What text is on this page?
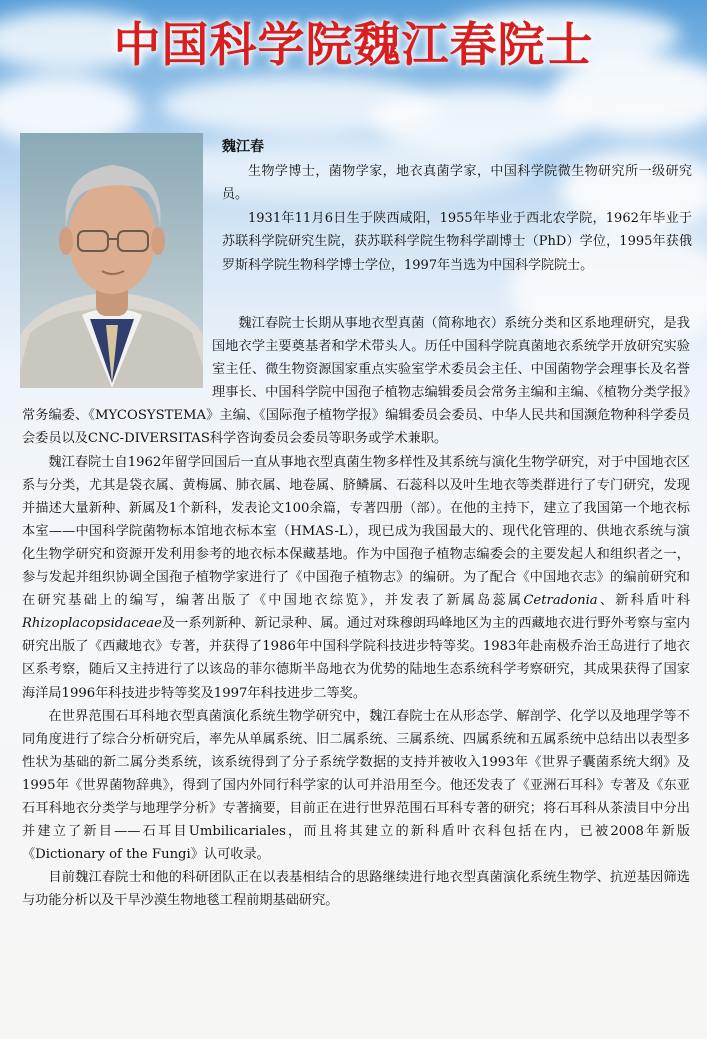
中国科学院魏江春院士
魏江春

生物学博士，菌物学家，地衣真菌学家，中国科学院微生物研究所一级研究员。

1931年11月6日生于陕西咸阳，1955年毕业于西北农学院，1962年毕业于苏联科学院研究生院，获苏联科学院生物科学副博士（PhD）学位，1995年获俄罗斯科学院生物科学博士学位，1997年当选为中国科学院院士。

魏江春院士长期从事地衣型真菌（简称地衣）系统分类和区系地理研究，是我国地衣学主要奠基者和学术带头人。历任中国科学院真菌地衣系统学开放研究实验室主任、微生物资源国家重点实验室学术委员会主任、中国菌物学会理事长及名誉理事长、中国科学院中国孢子植物志编辑委员会常务主编和主编、《植物分类学报》常务编委、《MYCOSYSTEMA》主编、《国际孢子植物学报》编辑委员会委员、中华人民共和国濒危物种科学委员会委员以及CNC-DIVERSITAS科学咨询委员会委员等职务或学术兼职。

魏江春院士自1962年留学回国后一直从事地衣型真菌生物多样性及其系统与演化生物学研究，对于中国地衣区系与分类，尤其是袋衣属、黄梅属、肺衣属、地卷属、脐鳞属、石蕊科以及叶生地衣等类群进行了专门研究，发现并描述大量新种、新属及1个新科，发表论文100余篇，专著四册（部）。在他的主持下，建立了我国第一个地衣标本室——中国科学院菌物标本馆地衣标本室（HMAS-L），现已成为我国最大的、现代化管理的、供地衣系统与演化生物学研究和资源开发利用参考的地衣标本保藏基地。作为中国孢子植物志编委会的主要发起人和组织者之一，参与发起并组织协调全国孢子植物学家进行了《中国孢子植物志》的编研。为了配合《中国地衣志》的编前研究和在研究基础上的编写，编著出版了《中国地衣综览》，并发表了新属岛蕊属Cetradonia、新科盾叶科Rhizoplacopsidaceae及一系列新种、新记录种、属。通过对珠穆朗玛峰地区为主的西藏地衣进行野外考察与室内研究出版了《西藏地衣》专著，并获得了1986年中国科学院科技进步特等奖。1983年赴南极乔治王岛进行了地衣区系考察，随后又主持进行了以该岛的菲尔德斯半岛地衣为优势的陆地生态系统科学考察研究，其成果获得了国家海洋局1996年科技进步特等奖及1997年科技进步二等奖。

在世界范围石耳科地衣型真菌演化系统生物学研究中，魏江春院士在从形态学、解剖学、化学以及地理学等不同角度进行了综合分析研究后，率先从单属系统、旧二属系统、三属系统、四属系统和五属系统中总结出以表型多性状为基础的新二属分类系统，该系统得到了分子系统学数据的支持并被收入1993年《世界子囊菌系统大纲》及1995年《世界菌物辞典》，得到了国内外同行科学家的认可并沿用至今。他还发表了《亚洲石耳科》专著及《东亚石耳科地衣分类学与地理学分析》专著摘要，目前正在进行世界范围石耳科专著的研究；将石耳科从茶渍目中分出并建立了新目——石耳目Umbilicariales，而且将其建立的新科盾叶衣科包括在内，已被2008年新版《Dictionary of the Fungi》认可收录。

目前魏江春院士和他的科研团队正在以表基相结合的思路继续进行地衣型真菌演化系统生物学、抗逆基因筛选与功能分析以及干旱沙漠生物地毯工程前期基础研究。
